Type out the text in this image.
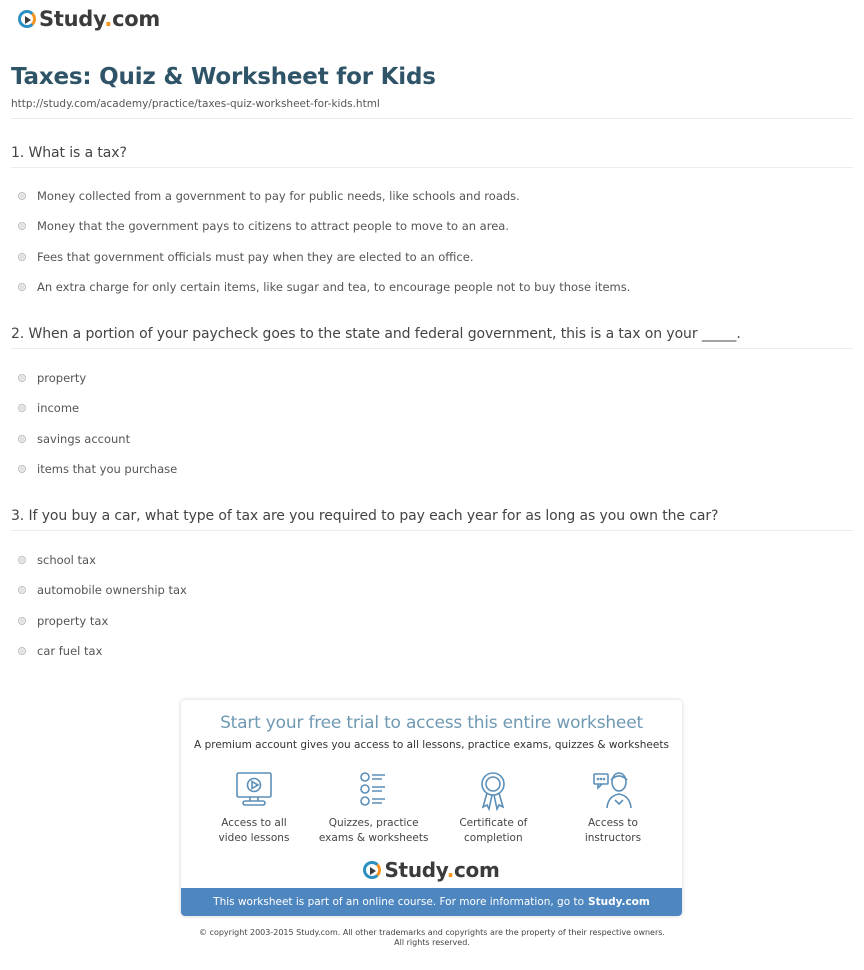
Study.com
Taxes: Quiz & Worksheet for Kids
http://study.com/academy/practice/taxes-quiz-worksheet-for-kids.html
1. What is a tax?
Money collected from a government to pay for public needs, like schools and roads.
Money that the government pays to citizens to attract people to move to an area.
Fees that government officials must pay when they are elected to an office.
An extra charge for only certain items, like sugar and tea, to encourage people not to buy those items.
2. When a portion of your paycheck goes to the state and federal government, this is a tax on your _____.
property
income
savings account
items that you purchase
3. If you buy a car, what type of tax are you required to pay each year for as long as you own the car?
school tax
automobile ownership tax
property tax
car fuel tax
Start your free trial to access this entire worksheet
A premium account gives you access to all lessons, practice exams, quizzes & worksheets
Access to all
video lessons
Quizzes, practice
exams & worksheets
Certificate of
completion
Access to
instructors
Study.com
This worksheet is part of an online course. For more information, go to Study.com
© copyright 2003-2015 Study.com. All other trademarks and copyrights are the property of their respective owners.
All rights reserved.
